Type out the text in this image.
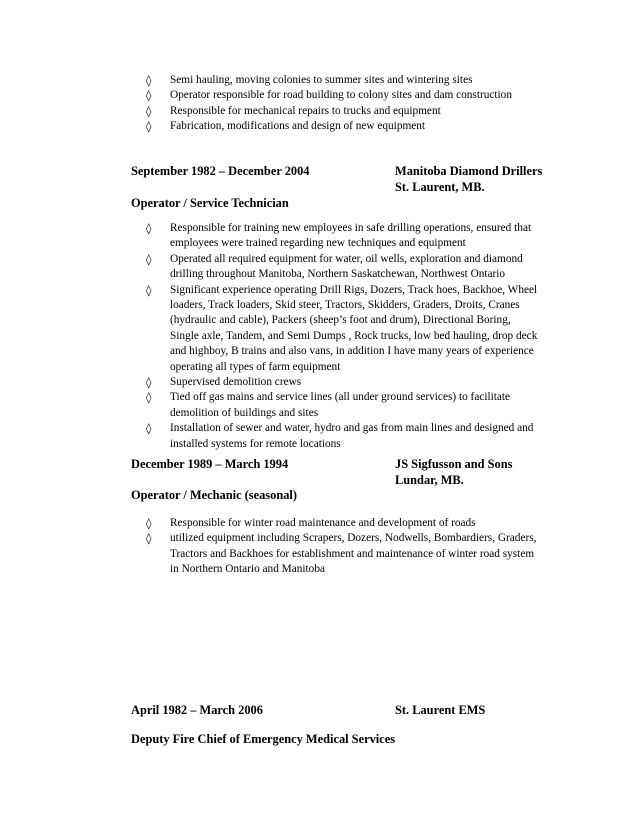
◊	Semi hauling, moving colonies to summer sites and wintering sites
◊	Operator responsible for road building to colony sites and dam construction
◊	Responsible for mechanical repairs to trucks and equipment
◊	Fabrication, modifications and design of new equipment
September 1982 – December 2004	Manitoba Diamond Drillers
St. Laurent, MB.
Operator / Service Technician
◊	Responsible for training new employees in safe drilling operations, ensured that
employees were trained regarding new techniques and equipment
◊	Operated all required equipment for water, oil wells, exploration and diamond
drilling throughout Manitoba, Northern Saskatchewan, Northwest Ontario
◊	Significant experience operating Drill Rigs, Dozers, Track hoes, Backhoe, Wheel
loaders, Track loaders, Skid steer, Tractors, Skidders, Graders, Droits, Cranes
(hydraulic and cable), Packers (sheep’s foot and drum), Directional Boring,
Single axle, Tandem, and Semi Dumps , Rock trucks, low bed hauling, drop deck
and highboy, B trains and also vans, in addition I have many years of experience
operating all types of farm equipment
◊	Supervised demolition crews
◊	Tied off gas mains and service lines (all under ground services) to facilitate
demolition of buildings and sites
◊	Installation of sewer and water, hydro and gas from main lines and designed and
installed systems for remote locations
December 1989 – March 1994	JS Sigfusson and Sons
Lundar, MB.
Operator / Mechanic (seasonal)
◊	Responsible for winter road maintenance and development of roads
◊	utilized equipment including Scrapers, Dozers, Nodwells, Bombardiers, Graders,
Tractors and Backhoes for establishment and maintenance of winter road system
in Northern Ontario and Manitoba
April 1982 – March 2006	St. Laurent EMS
Deputy Fire Chief of Emergency Medical Services
